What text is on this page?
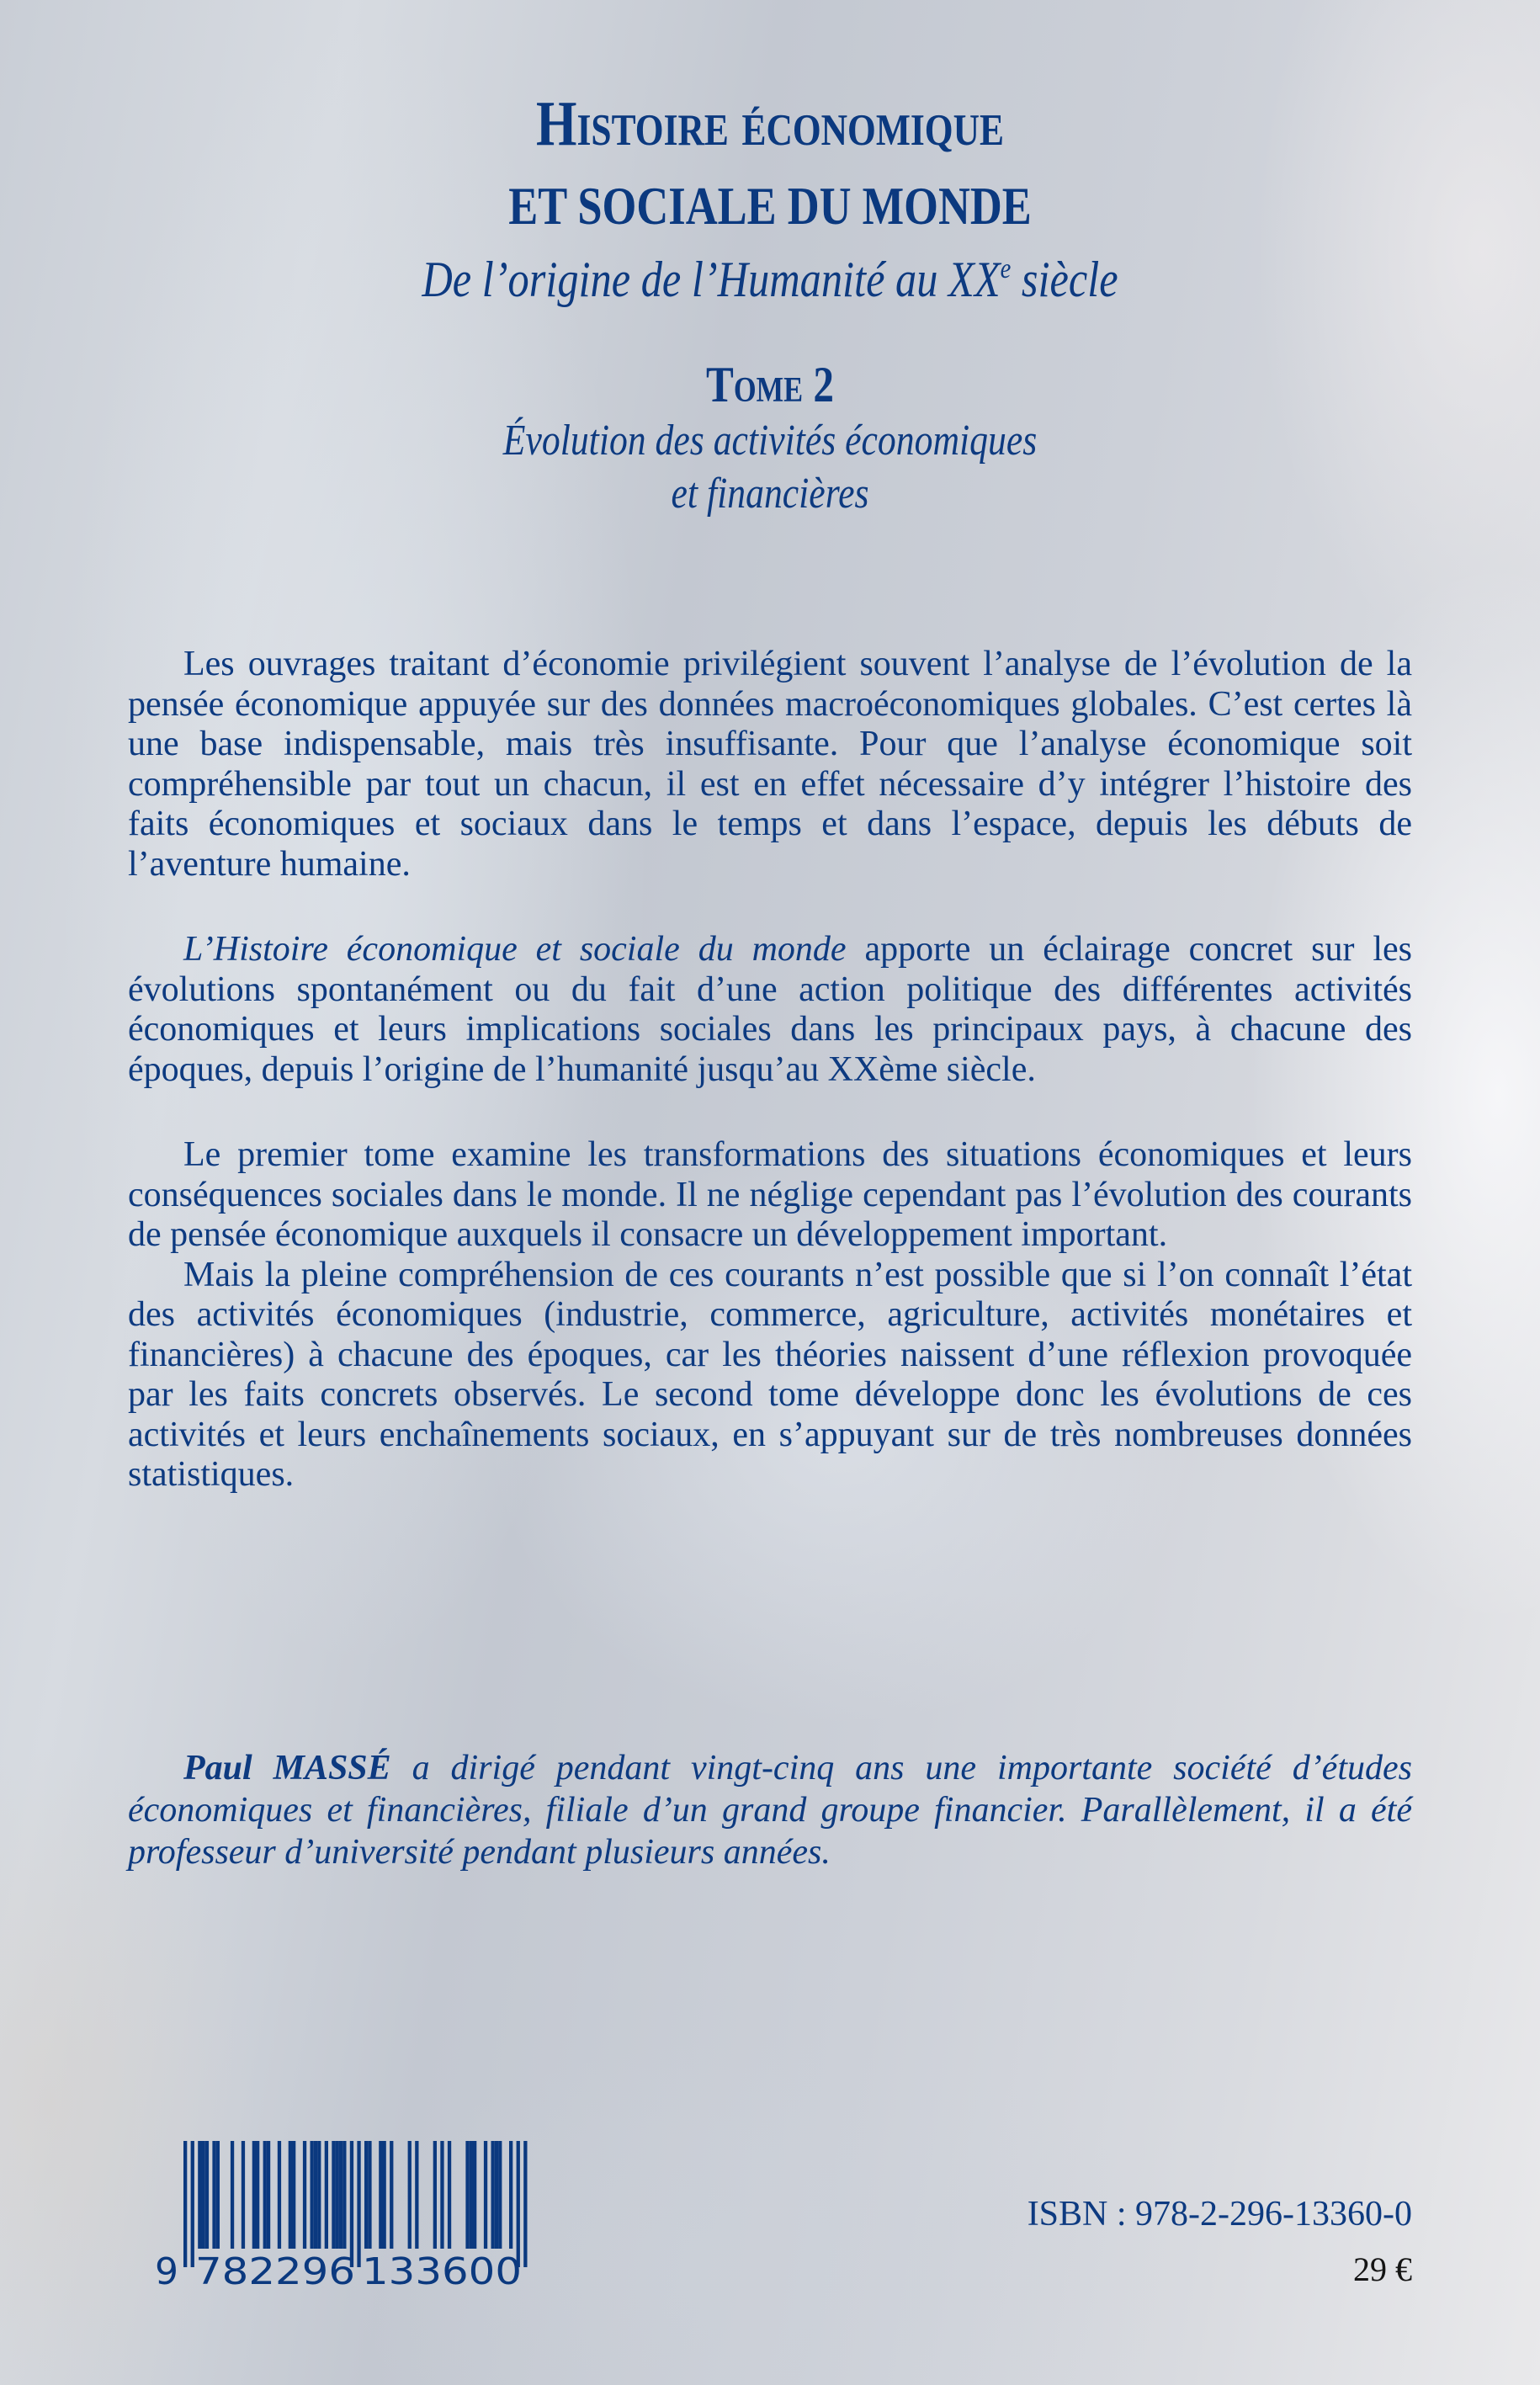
Histoire économique
ET SOCIALE DU MONDE
De l’origine de l’Humanité au XXe siècle
Tome 2
Évolution des activités économiques
et financières

Les ouvrages traitant d’économie privilégient souvent l’analyse de l’évolution de la pensée économique appuyée sur des données macroéconomiques globales. C’est certes là une base indispensable, mais très insuffisante. Pour que l’analyse économique soit compréhensible par tout un chacun, il est en effet nécessaire d’y intégrer l’histoire des faits économiques et sociaux dans le temps et dans l’espace, depuis les débuts de l’aventure humaine.

L’Histoire économique et sociale du monde apporte un éclairage concret sur les évolutions spontanément ou du fait d’une action politique des différentes activités économiques et leurs implications sociales dans les principaux pays, à chacune des époques, depuis l’origine de l’humanité jusqu’au XXème siècle.

Le premier tome examine les transformations des situations économiques et leurs conséquences sociales dans le monde. Il ne néglige cependant pas l’évolution des courants de pensée économique auxquels il consacre un développement important.

Mais la pleine compréhension de ces courants n’est possible que si l’on connaît l’état des activités économiques (industrie, commerce, agriculture, activités monétaires et financières) à chacune des époques, car les théories naissent d’une réflexion provoquée par les faits concrets observés. Le second tome développe donc les évolutions de ces activités et leurs enchaînements sociaux, en s’appuyant sur de très nombreuses données statistiques.

Paul MASSÉ a dirigé pendant vingt-cinq ans une importante société d’études économiques et financières, filiale d’un grand groupe financier. Parallèlement, il a été professeur d’université pendant plusieurs années.

9 782296 133600
ISBN : 978-2-296-13360-0
29 €
